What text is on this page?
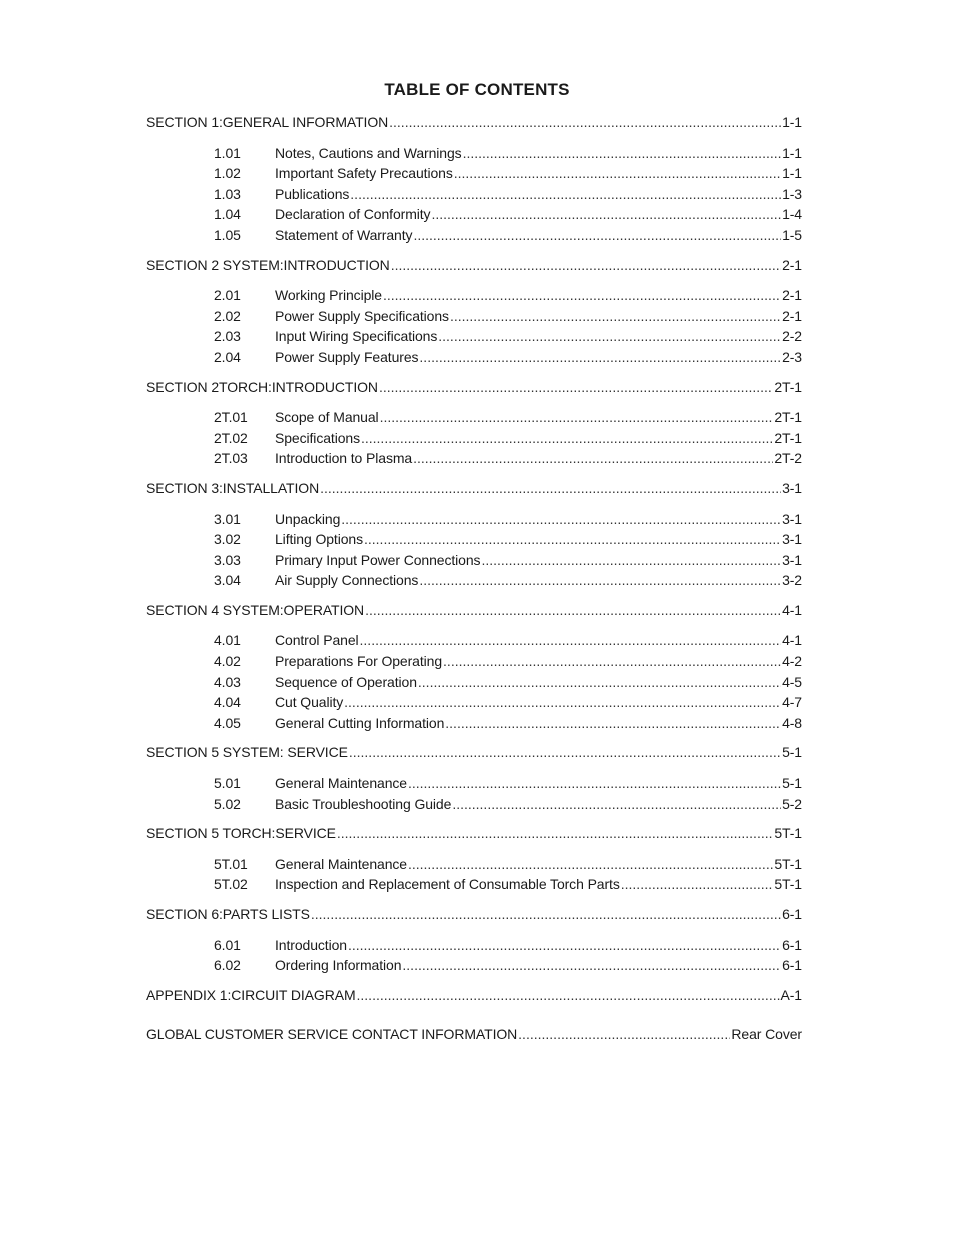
TABLE OF CONTENTS
SECTION 1:GENERAL INFORMATION .....	1-1
1.01	Notes, Cautions and Warnings .....	1-1
1.02	Important Safety Precautions .....	1-1
1.03	Publications .....	1-3
1.04	Declaration of Conformity .....	1-4
1.05	Statement of Warranty .....	1-5
SECTION 2 SYSTEM:INTRODUCTION .....	2-1
2.01	Working Principle .....	2-1
2.02	Power Supply Specifications .....	2-1
2.03	Input Wiring Specifications .....	2-2
2.04	Power Supply Features .....	2-3
SECTION 2TORCH:INTRODUCTION .....	2T-1
2T.01	Scope of Manual .....	2T-1
2T.02	Specifications .....	2T-1
2T.03	Introduction to Plasma .....	2T-2
SECTION 3:INSTALLATION .....	3-1
3.01	Unpacking .....	3-1
3.02	Lifting Options .....	3-1
3.03	Primary Input Power Connections .....	3-1
3.04	Air Supply Connections .....	3-2
SECTION 4 SYSTEM:OPERATION .....	4-1
4.01	Control Panel .....	4-1
4.02	Preparations For Operating .....	4-2
4.03	Sequence of Operation .....	4-5
4.04	Cut Quality .....	4-7
4.05	General Cutting Information .....	4-8
SECTION 5 SYSTEM: SERVICE .....	5-1
5.01	General Maintenance .....	5-1
5.02	Basic Troubleshooting Guide .....	5-2
SECTION 5 TORCH:SERVICE .....	5T-1
5T.01	General Maintenance .....	5T-1
5T.02	Inspection and Replacement of Consumable Torch Parts .....	5T-1
SECTION 6:PARTS LISTS .....	6-1
6.01	Introduction .....	6-1
6.02	Ordering Information .....	6-1
APPENDIX 1:CIRCUIT DIAGRAM .....	A-1
GLOBAL CUSTOMER SERVICE CONTACT INFORMATION .....	Rear Cover
